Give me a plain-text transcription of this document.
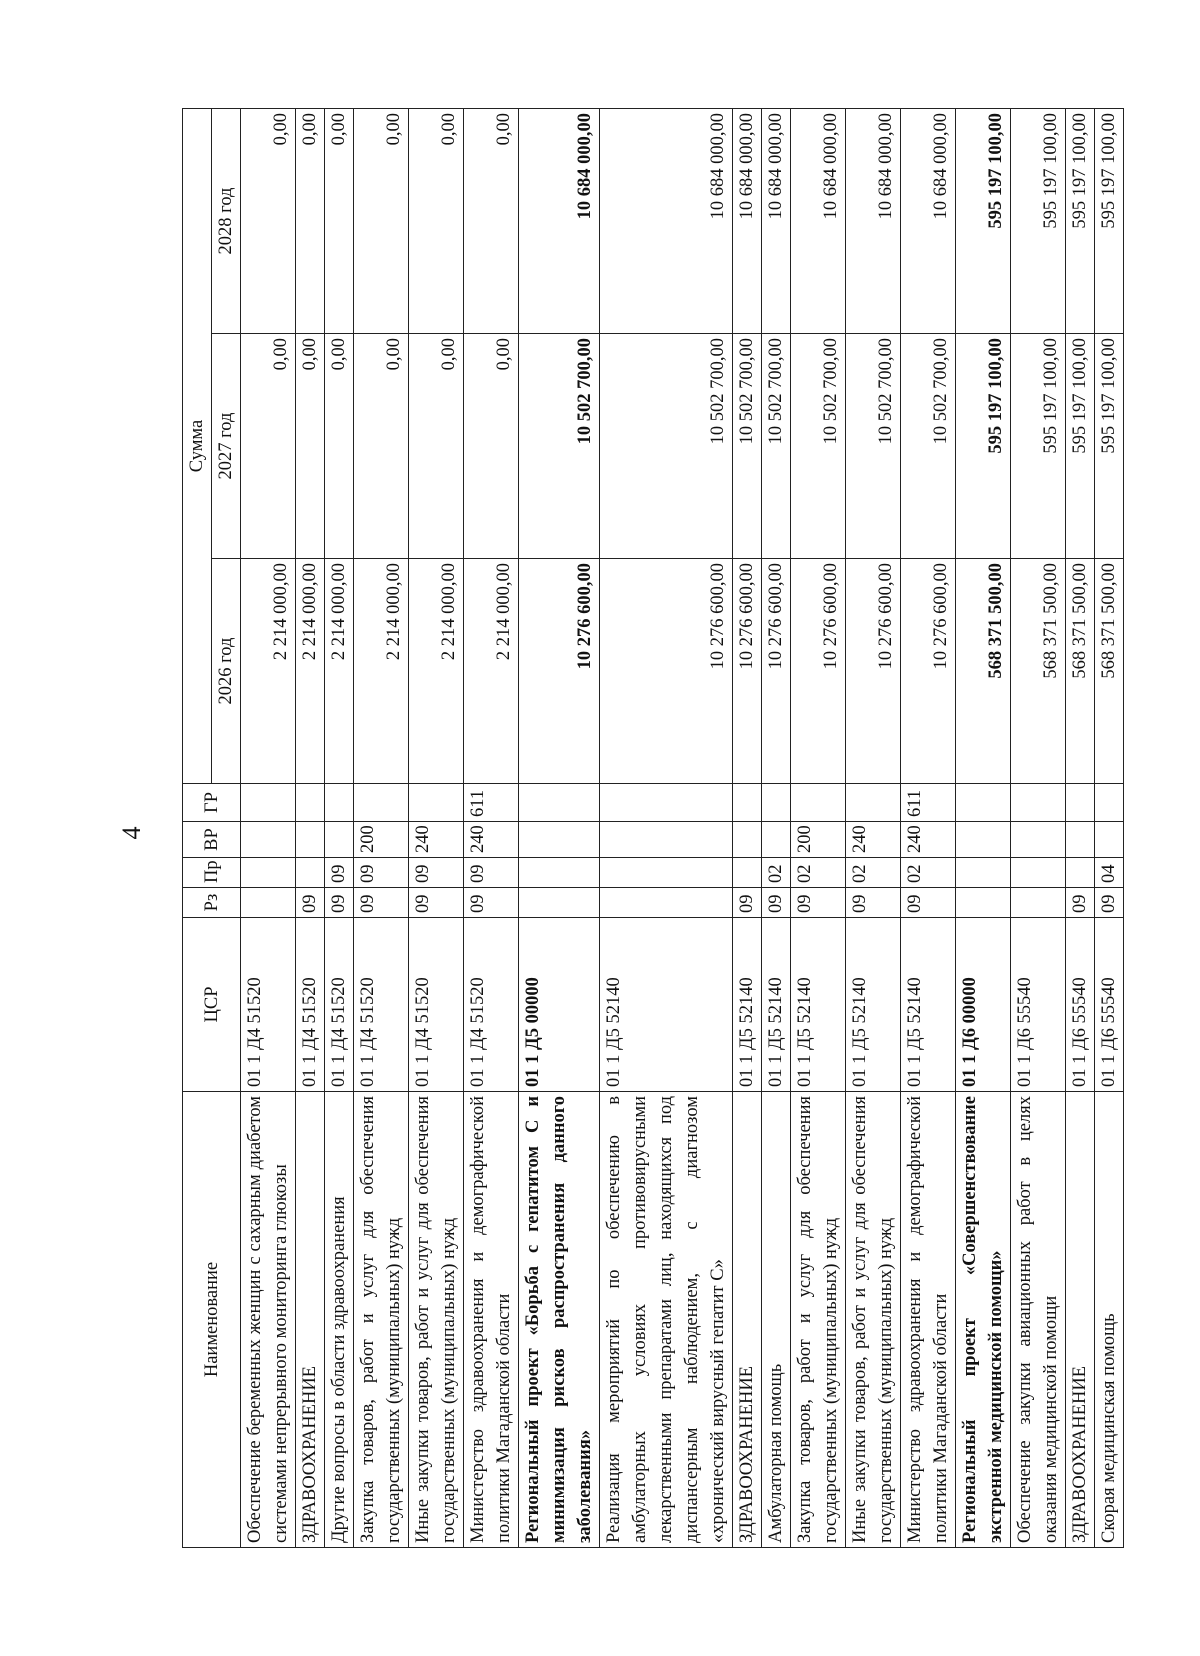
4
Наименование	ЦСР	Рз	Пр	ВР	ГР	Сумма		
						2026 год	2027 год	2028 год
Обеспечение беременных женщин с сахарным диабетом системами непрерывного мониторинга глюкозы	01 1 Д4 51520					2 214 000,00	0,00	0,00
ЗДРАВООХРАНЕНИЕ	01 1 Д4 51520	09				2 214 000,00	0,00	0,00
Другие вопросы в области здравоохранения	01 1 Д4 51520	09	09			2 214 000,00	0,00	0,00
Закупка товаров, работ и услуг для обеспечения государственных (муниципальных) нужд	01 1 Д4 51520	09	09	200		2 214 000,00	0,00	0,00
Иные закупки товаров, работ и услуг для обеспечения государственных (муниципальных) нужд	01 1 Д4 51520	09	09	240		2 214 000,00	0,00	0,00
Министерство здравоохранения и демографической политики Магаданской области	01 1 Д4 51520	09	09	240	611	2 214 000,00	0,00	0,00
Региональный проект «Борьба с гепатитом С и минимизация рисков распространения данного заболевания»	01 1 Д5 00000					10 276 600,00	10 502 700,00	10 684 000,00
Реализация мероприятий по обеспечению в амбулаторных условиях противовирусными лекарственными препаратами лиц, находящихся под диспансерным наблюдением, с диагнозом «хронический вирусный гепатит С»	01 1 Д5 52140					10 276 600,00	10 502 700,00	10 684 000,00
ЗДРАВООХРАНЕНИЕ	01 1 Д5 52140	09				10 276 600,00	10 502 700,00	10 684 000,00
Амбулаторная помощь	01 1 Д5 52140	09	02			10 276 600,00	10 502 700,00	10 684 000,00
Закупка товаров, работ и услуг для обеспечения государственных (муниципальных) нужд	01 1 Д5 52140	09	02	200		10 276 600,00	10 502 700,00	10 684 000,00
Иные закупки товаров, работ и услуг для обеспечения государственных (муниципальных) нужд	01 1 Д5 52140	09	02	240		10 276 600,00	10 502 700,00	10 684 000,00
Министерство здравоохранения и демографической политики Магаданской области	01 1 Д5 52140	09	02	240	611	10 276 600,00	10 502 700,00	10 684 000,00
Региональный проект «Совершенствование экстренной медицинской помощи»	01 1 Д6 00000					568 371 500,00	595 197 100,00	595 197 100,00
Обеспечение закупки авиационных работ в целях оказания медицинской помощи	01 1 Д6 55540					568 371 500,00	595 197 100,00	595 197 100,00
ЗДРАВООХРАНЕНИЕ	01 1 Д6 55540	09				568 371 500,00	595 197 100,00	595 197 100,00
Скорая медицинская помощь	01 1 Д6 55540	09	04			568 371 500,00	595 197 100,00	595 197 100,00
